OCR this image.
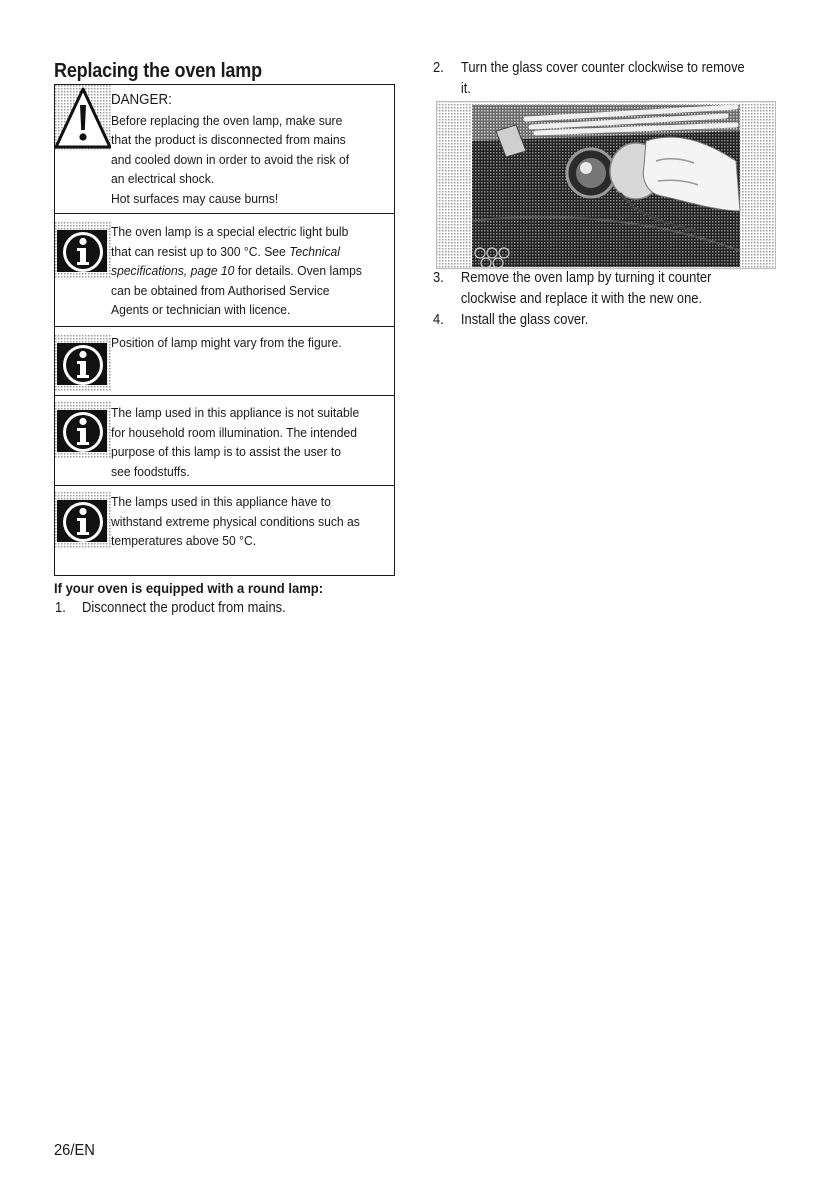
Replacing the oven lamp
DANGER:
Before replacing the oven lamp, make sure
that the product is disconnected from mains
and cooled down in order to avoid the risk of
an electrical shock.
Hot surfaces may cause burns!
The oven lamp is a special electric light bulb
that can resist up to 300 °C. See Technical
specifications, page 10 for details. Oven lamps
can be obtained from Authorised Service
Agents or technician with licence.
Position of lamp might vary from the figure.
The lamp used in this appliance is not suitable
for household room illumination. The intended
purpose of this lamp is to assist the user to
see foodstuffs.
The lamps used in this appliance have to
withstand extreme physical conditions such as
temperatures above 50 °C.
If your oven is equipped with a round lamp:
1. Disconnect the product from mains.
2. Turn the glass cover counter clockwise to remove
it.
3. Remove the oven lamp by turning it counter
clockwise and replace it with the new one.
4. Install the glass cover.
26/EN
